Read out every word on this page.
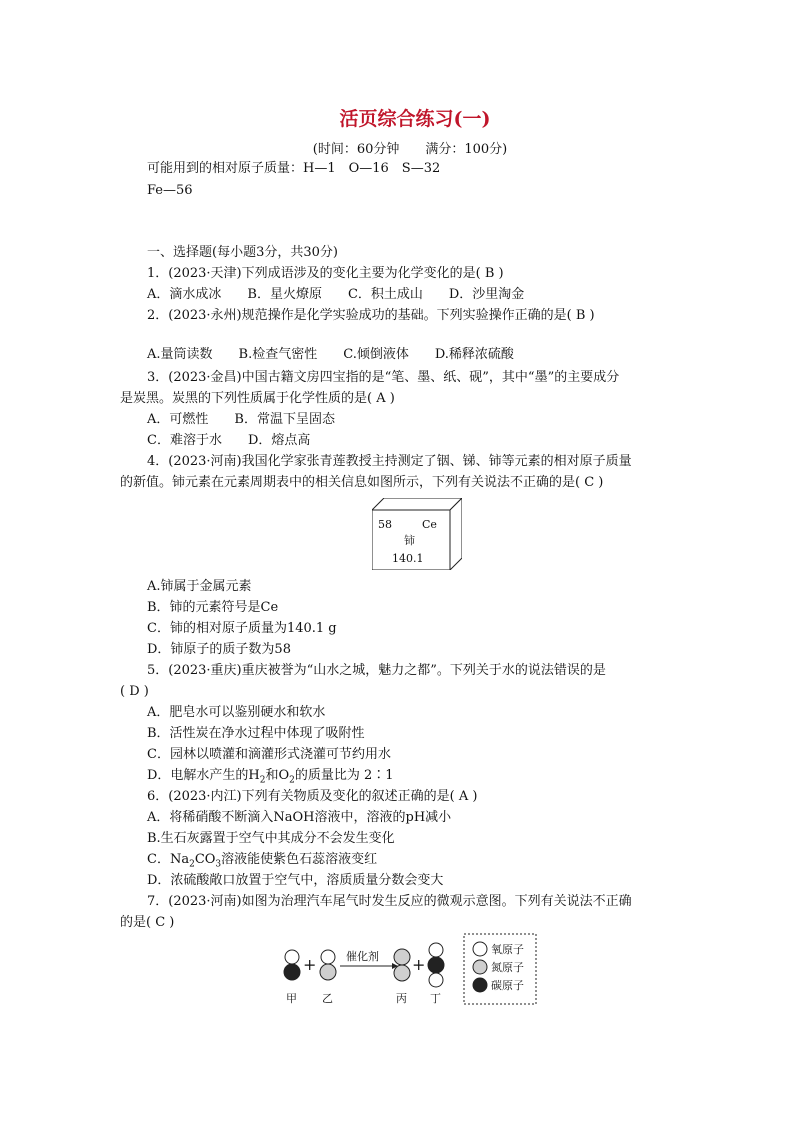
活页综合练习(一)
(时间：60分钟　　满分：100分)
可能用到的相对原子质量：H—1　O—16　S—32
Fe—56
一、选择题(每小题3分，共30分)
1．(2023·天津)下列成语涉及的变化主要为化学变化的是( B )
A．滴水成冰　　B．星火燎原　　C．积土成山　　D．沙里淘金
2．(2023·永州)规范操作是化学实验成功的基础。下列实验操作正确的是( B )
A.量筒读数　　B.检查气密性　　C.倾倒液体　　D.稀释浓硫酸
3．(2023·金昌)中国古籍文房四宝指的是“笔、墨、纸、砚”，其中“墨”的主要成分
是炭黑。炭黑的下列性质属于化学性质的是( A )
A．可燃性　　B．常温下呈固态
C．难溶于水　　D．熔点高
4．(2023·河南)我国化学家张青莲教授主持测定了铟、锑、铈等元素的相对原子质量
的新值。铈元素在元素周期表中的相关信息如图所示，下列有关说法不正确的是( C )
58	Ce
铈
140.1
A.铈属于金属元素
B．铈的元素符号是Ce
C．铈的相对原子质量为140.1 g
D．铈原子的质子数为58
5．(2023·重庆)重庆被誉为“山水之城，魅力之都”。下列关于水的说法错误的是
( D )
A．肥皂水可以鉴别硬水和软水
B．活性炭在净水过程中体现了吸附性
C．园林以喷灌和滴灌形式浇灌可节约用水
D．电解水产生的$H_2$和$O_2$的质量比为 2∶1
6．(2023·内江)下列有关物质及变化的叙述正确的是( A )
A．将稀硝酸不断滴入NaOH溶液中，溶液的pH减小
B.生石灰露置于空气中其成分不会发生变化
C．$Na_2CO_3$溶液能使紫色石蕊溶液变红
D．浓硫酸敞口放置于空气中，溶质质量分数会变大
7．(2023·河南)如图为治理汽车尾气时发生反应的微观示意图。下列有关说法不正确
的是( C )
+	+
催化剂
甲 乙	丙 丁
氧原子
氮原子
碳原子
